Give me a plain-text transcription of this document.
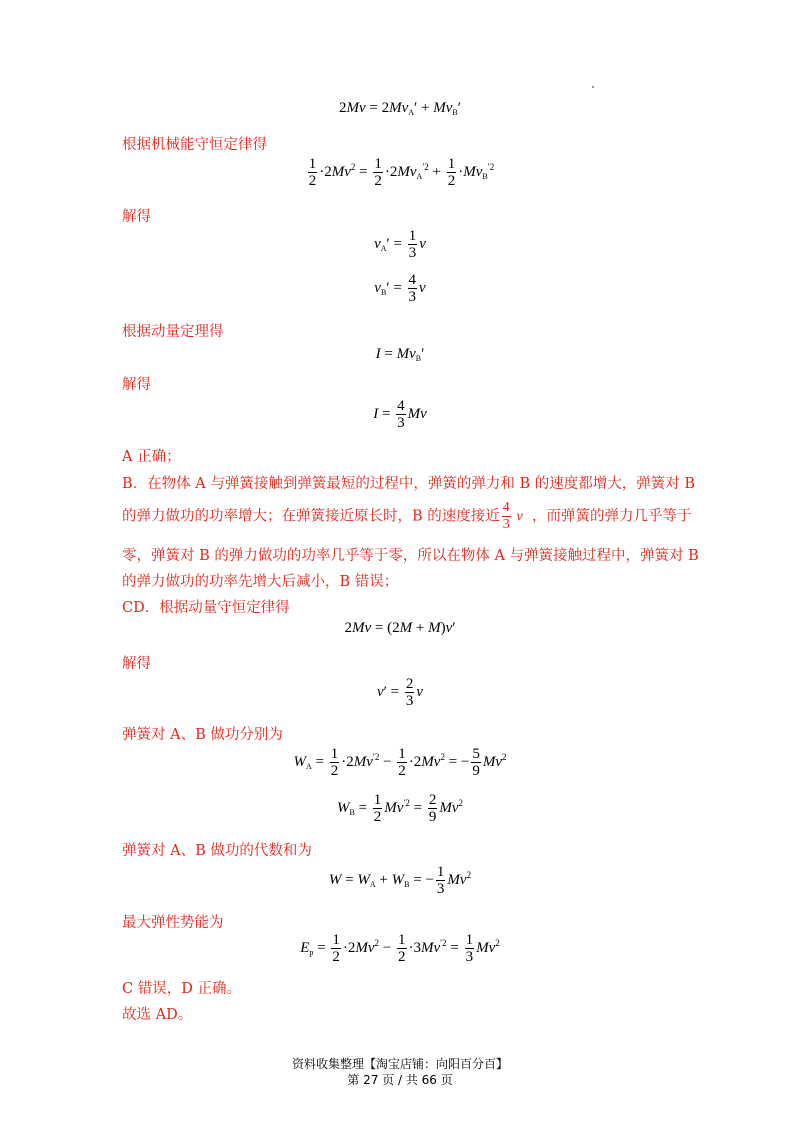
$2Mv = 2Mv_A' + Mv_B'$
根据机械能守恒定律得
$\frac{1}{2} \cdot 2Mv^2 = \frac{1}{2} \cdot 2Mv_A^{'2} + \frac{1}{2} \cdot Mv_B^{'2}$
解得
$v_A' = \frac{1}{3}$ v
$v_B' = \frac{4}{3}$ v
根据动量定理得
$I = Mv_B'$
解得
$I = \frac{4}{3}$ Mv
A 正确；
B．在物体 A 与弹簧接触到弹簧最短的过程中，弹簧的弹力和 B 的速度都增大，弹簧对 B
的弹力做功的功率增大；在弹簧接近原长时，B 的速度接近 $\frac{4}{3}$ v ，而弹簧的弹力几乎等于
零，弹簧对 B 的弹力做功的功率几乎等于零，所以在物体 A 与弹簧接触过程中，弹簧对 B
的弹力做功的功率先增大后减小，B 错误；
CD．根据动量守恒定律得
2Mv = (2M + M)v′
解得
$v' = \frac{2}{3}$ v
弹簧对 A、B 做功分别为
$W_A = \frac{1}{2} \cdot 2Mv^{'2} - \frac{1}{2} \cdot 2Mv^2$ = − $\frac{5}{9} Mv^2$
$W_B = \frac{1}{2} Mv^{'2} = \frac{2}{9} Mv^2$
弹簧对 A、B 做功的代数和为
$W = W_A + W_B$ = − $\frac{1}{3} Mv^2$
最大弹性势能为
$E_p = \frac{1}{2} \cdot 2Mv^2 - \frac{1}{2} \cdot 3Mv^{'2} = \frac{1}{3} Mv^2$
C 错误，D 正确。
故选 AD。
资料收集整理【淘宝店铺：向阳百分百】
第 27 页 / 共 66 页
